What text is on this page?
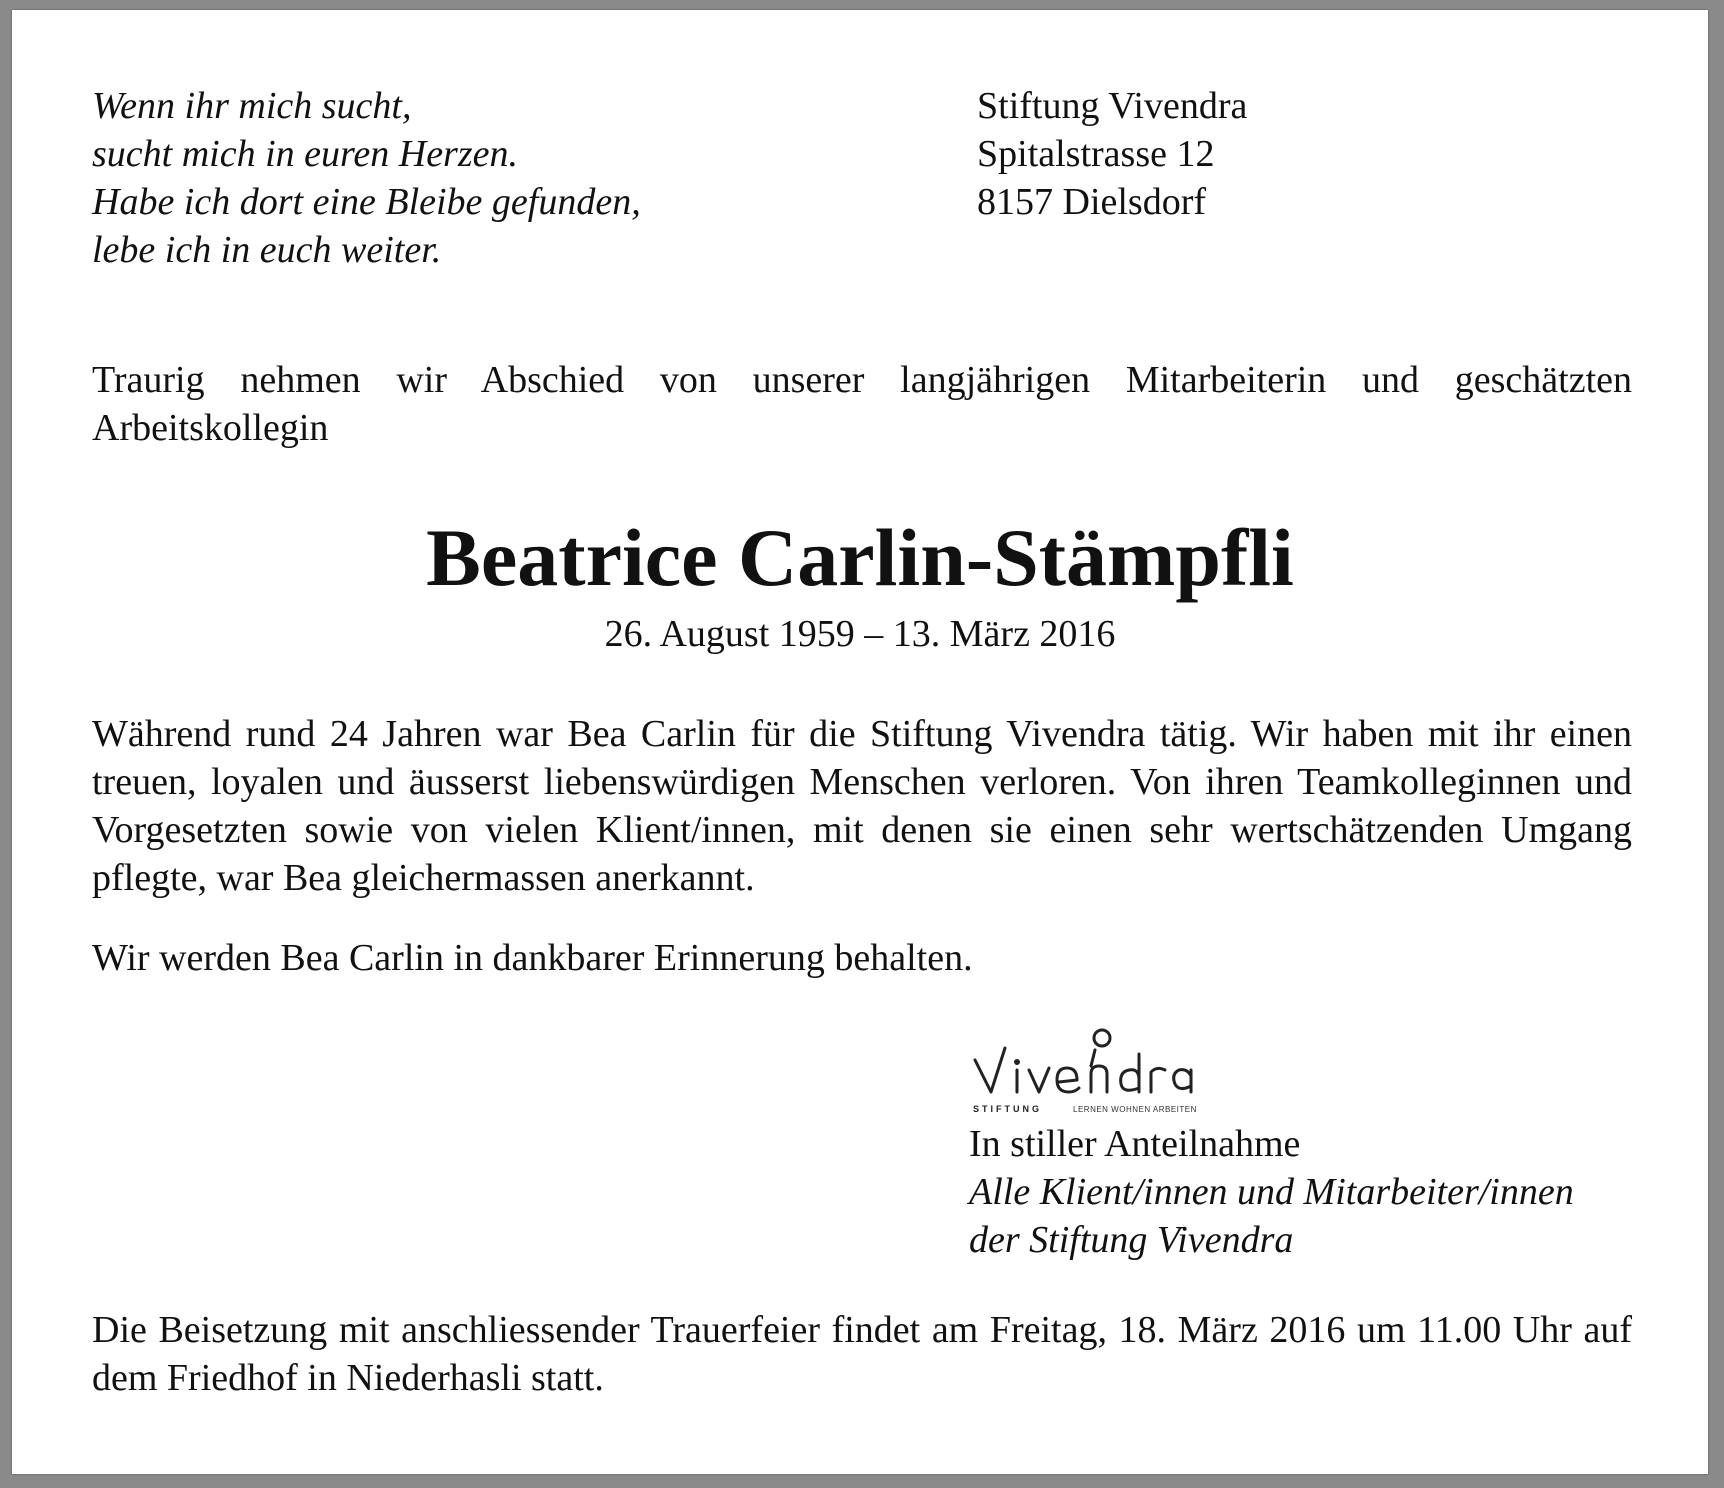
Wenn ihr mich sucht,
sucht mich in euren Herzen.
Habe ich dort eine Bleibe gefunden,
lebe ich in euch weiter.
Stiftung Vivendra
Spitalstrasse 12
8157 Dielsdorf
Traurig nehmen wir Abschied von unserer langjährigen Mitarbeiterin und geschätzten Arbeitskollegin
Beatrice Carlin-Stämpfli
26. August 1959 – 13. März 2016
Während rund 24 Jahren war Bea Carlin für die Stiftung Vivendra tätig. Wir haben mit ihr einen treuen, loyalen und äusserst liebenswürdigen Menschen verloren. Von ihren Teamkolleginnen und Vorgesetzten sowie von vielen Klient/innen, mit denen sie einen sehr wertschätzenden Umgang pflegte, war Bea gleichermassen anerkannt.
Wir werden Bea Carlin in dankbarer Erinnerung behalten.
STIFTUNG	LERNEN WOHNEN ARBEITEN
In stiller Anteilnahme
Alle Klient/innen und Mitarbeiter/innen
der Stiftung Vivendra
Die Beisetzung mit anschliessender Trauerfeier findet am Freitag, 18. März 2016 um 11.00 Uhr auf dem Friedhof in Niederhasli statt.
